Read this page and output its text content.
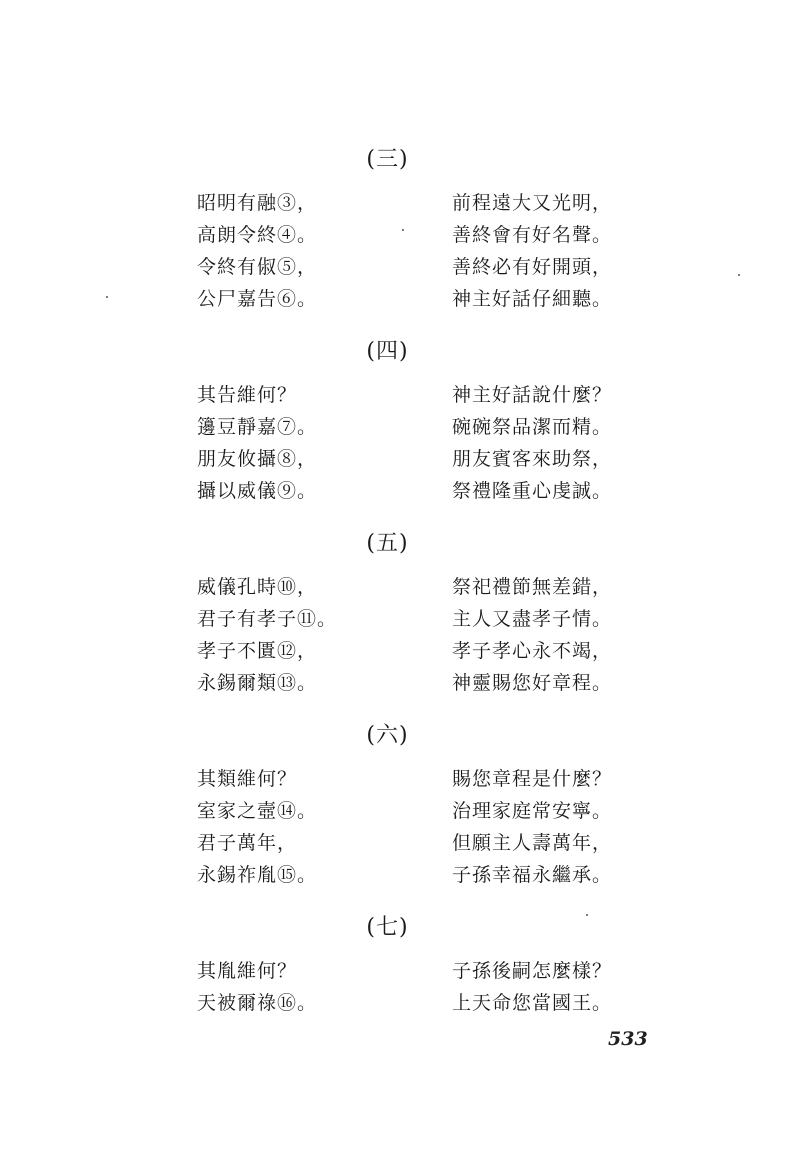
(三)
昭明有融③，	前程遠大又光明，
高朗令終④。	善終會有好名聲。
令終有俶⑤，	善終必有好開頭，
公尸嘉告⑥。	神主好話仔細聽。
(四)
其告維何？	神主好話說什麼？
籩豆靜嘉⑦。	碗碗祭品潔而精。
朋友攸攝⑧，	朋友賓客來助祭，
攝以威儀⑨。	祭禮隆重心虔誠。
(五)
威儀孔時⑩，	祭祀禮節無差錯，
君子有孝子⑪。	主人又盡孝子情。
孝子不匱⑫，	孝子孝心永不竭，
永錫爾類⑬。	神靈賜您好章程。
(六)
其類維何？	賜您章程是什麼？
室家之壼⑭。	治理家庭常安寧。
君子萬年，	但願主人壽萬年，
永錫祚胤⑮。	子孫幸福永繼承。
(七)
其胤維何？	子孫後嗣怎麼樣？
天被爾祿⑯。	上天命您當國王。
533
